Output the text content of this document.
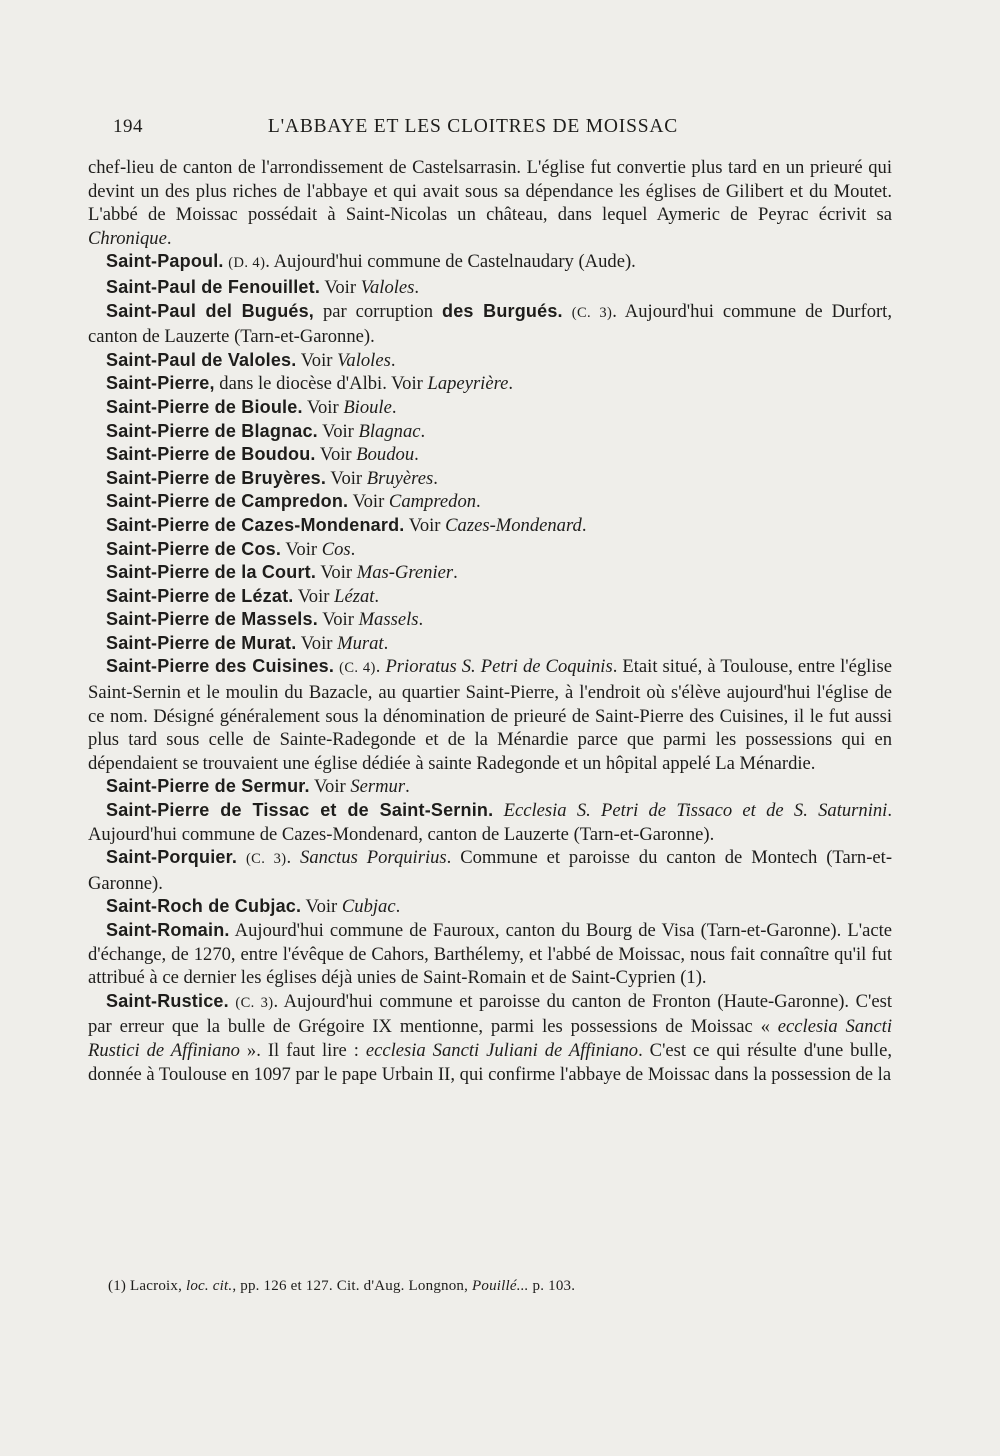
194	L'ABBAYE ET LES CLOITRES DE MOISSAC

chef-lieu de canton de l'arrondissement de Castelsarrasin. L'église fut convertie plus tard en un prieuré qui devint un des plus riches de l'abbaye et qui avait sous sa dépendance les églises de Gilibert et du Moutet. L'abbé de Moissac possédait à Saint-Nicolas un château, dans lequel Aymeric de Peyrac écrivit sa Chronique.

Saint-Papoul. (D. 4). Aujourd'hui commune de Castelnaudary (Aude).

Saint-Paul de Fenouillet. Voir Valoles.

Saint-Paul del Bugués, par corruption des Burgués. (C. 3). Aujourd'hui commune de Durfort, canton de Lauzerte (Tarn-et-Garonne).

Saint-Paul de Valoles. Voir Valoles.

Saint-Pierre, dans le diocèse d'Albi. Voir Lapeyrière.

Saint-Pierre de Bioule. Voir Bioule.

Saint-Pierre de Blagnac. Voir Blagnac.

Saint-Pierre de Boudou. Voir Boudou.

Saint-Pierre de Bruyères. Voir Bruyères.

Saint-Pierre de Campredon. Voir Campredon.

Saint-Pierre de Cazes-Mondenard. Voir Cazes-Mondenard.

Saint-Pierre de Cos. Voir Cos.

Saint-Pierre de la Court. Voir Mas-Grenier.

Saint-Pierre de Lézat. Voir Lézat.

Saint-Pierre de Massels. Voir Massels.

Saint-Pierre de Murat. Voir Murat.

Saint-Pierre des Cuisines. (C. 4). Prioratus S. Petri de Coquinis. Etait situé, à Toulouse, entre l'église Saint-Sernin et le moulin du Bazacle, au quartier Saint-Pierre, à l'endroit où s'élève aujourd'hui l'église de ce nom. Désigné généralement sous la dénomination de prieuré de Saint-Pierre des Cuisines, il le fut aussi plus tard sous celle de Sainte-Radegonde et de la Ménardie parce que parmi les possessions qui en dépendaient se trouvaient une église dédiée à sainte Radegonde et un hôpital appelé La Ménardie.

Saint-Pierre de Sermur. Voir Sermur.

Saint-Pierre de Tissac et de Saint-Sernin. Ecclesia S. Petri de Tissaco et de S. Saturnini. Aujourd'hui commune de Cazes-Mondenard, canton de Lauzerte (Tarn-et-Garonne).

Saint-Porquier. (C. 3). Sanctus Porquirius. Commune et paroisse du canton de Montech (Tarn-et-Garonne).

Saint-Roch de Cubjac. Voir Cubjac.

Saint-Romain. Aujourd'hui commune de Fauroux, canton du Bourg de Visa (Tarn-et-Garonne). L'acte d'échange, de 1270, entre l'évêque de Cahors, Barthélemy, et l'abbé de Moissac, nous fait connaître qu'il fut attribué à ce dernier les églises déjà unies de Saint-Romain et de Saint-Cyprien (1).

Saint-Rustice. (C. 3). Aujourd'hui commune et paroisse du canton de Fronton (Haute-Garonne). C'est par erreur que la bulle de Grégoire IX mentionne, parmi les possessions de Moissac « ecclesia Sancti Rustici de Affiniano ». Il faut lire : ecclesia Sancti Juliani de Affiniano. C'est ce qui résulte d'une bulle, donnée à Toulouse en 1097 par le pape Urbain II, qui confirme l'abbaye de Moissac dans la possession de la

(1) Lacroix, loc. cit., pp. 126 et 127. Cit. d'Aug. Longnon, Pouillé... p. 103.
